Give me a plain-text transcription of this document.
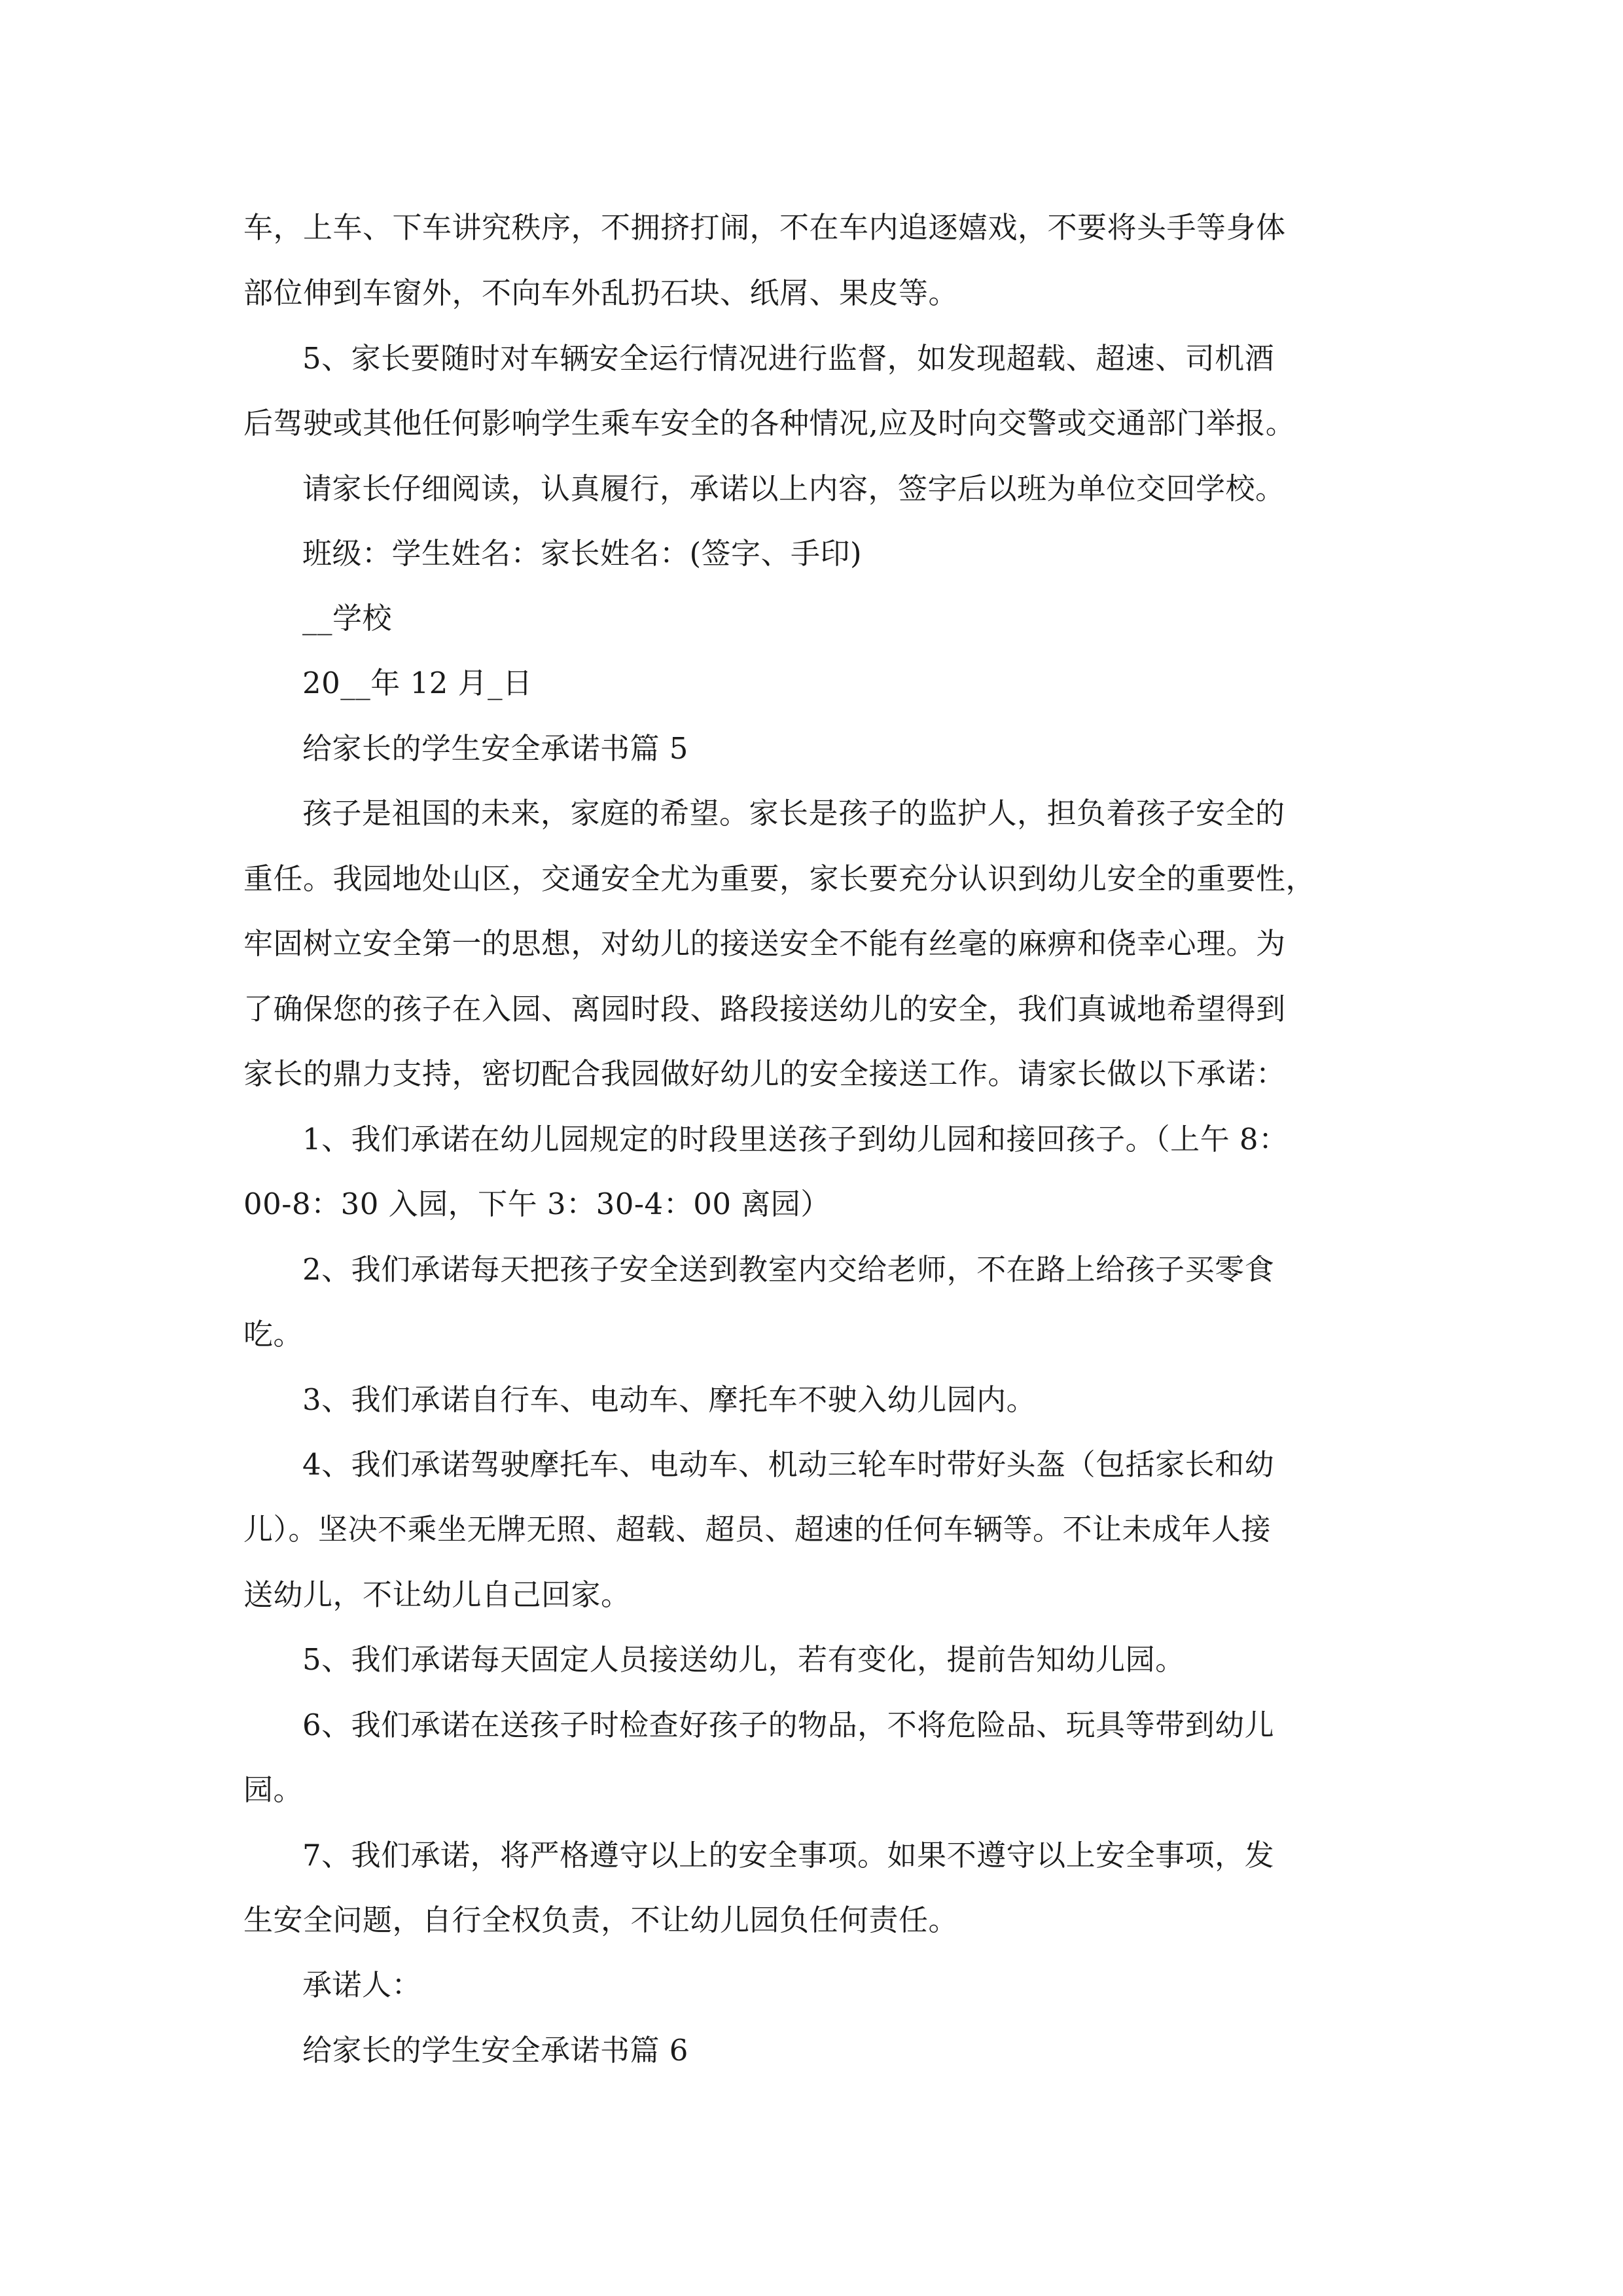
车，上车、下车讲究秩序，不拥挤打闹，不在车内追逐嬉戏，不要将头手等身体
部位伸到车窗外，不向车外乱扔石块、纸屑、果皮等。
5、家长要随时对车辆安全运行情况进行监督，如发现超载、超速、司机酒
后驾驶或其他任何影响学生乘车安全的各种情况,应及时向交警或交通部门举报。
请家长仔细阅读，认真履行，承诺以上内容，签字后以班为单位交回学校。
班级：学生姓名：家长姓名：(签字、手印)
__学校
20__年 12 月_日
给家长的学生安全承诺书篇 5
孩子是祖国的未来，家庭的希望。家长是孩子的监护人，担负着孩子安全的
重任。我园地处山区，交通安全尤为重要，家长要充分认识到幼儿安全的重要性，
牢固树立安全第一的思想，对幼儿的接送安全不能有丝毫的麻痹和侥幸心理。为
了确保您的孩子在入园、离园时段、路段接送幼儿的安全，我们真诚地希望得到
家长的鼎力支持，密切配合我园做好幼儿的安全接送工作。请家长做以下承诺：
1、我们承诺在幼儿园规定的时段里送孩子到幼儿园和接回孩子。（上午 8：
00-8：30 入园，下午 3：30-4：00 离园）
2、我们承诺每天把孩子安全送到教室内交给老师，不在路上给孩子买零食
吃。
3、我们承诺自行车、电动车、摩托车不驶入幼儿园内。
4、我们承诺驾驶摩托车、电动车、机动三轮车时带好头盔（包括家长和幼
儿）。坚决不乘坐无牌无照、超载、超员、超速的任何车辆等。不让未成年人接
送幼儿，不让幼儿自己回家。
5、我们承诺每天固定人员接送幼儿，若有变化，提前告知幼儿园。
6、我们承诺在送孩子时检查好孩子的物品，不将危险品、玩具等带到幼儿
园。
7、我们承诺，将严格遵守以上的安全事项。如果不遵守以上安全事项，发
生安全问题，自行全权负责，不让幼儿园负任何责任。
承诺人：
给家长的学生安全承诺书篇 6
